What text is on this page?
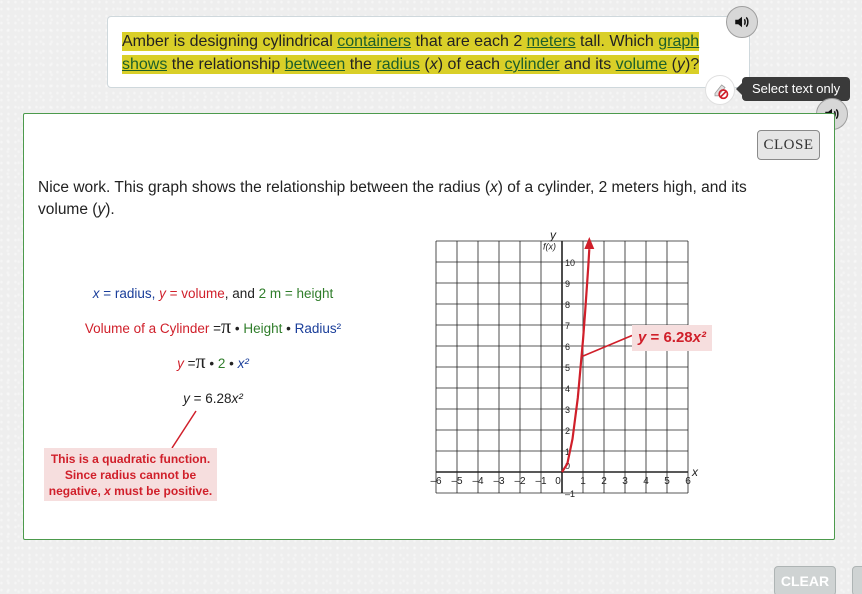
Amber is designing cylindrical containers that are each 2 meters tall. Which graph shows the relationship between the radius (x) of each cylinder and its volume (y)?
Select text only
CLOSE
Nice work. This graph shows the relationship between the radius (x) of a cylinder, 2 meters high, and its volume (y).
x = radius, y = volume, and 2 m = height
Volume of a Cylinder =π • Height • Radius²
y =π • 2 • x²
y = 6.28x²
This is a quadratic function.
Since radius cannot be
negative, x must be positive.
–6 –5 –4 –3 –2 –1 0 1 2 3 4 5 6
–1
0
1
2
3
4
5
6
7
8
9
10
f(x)
x
y
y = 6.28x²
CLEAR
